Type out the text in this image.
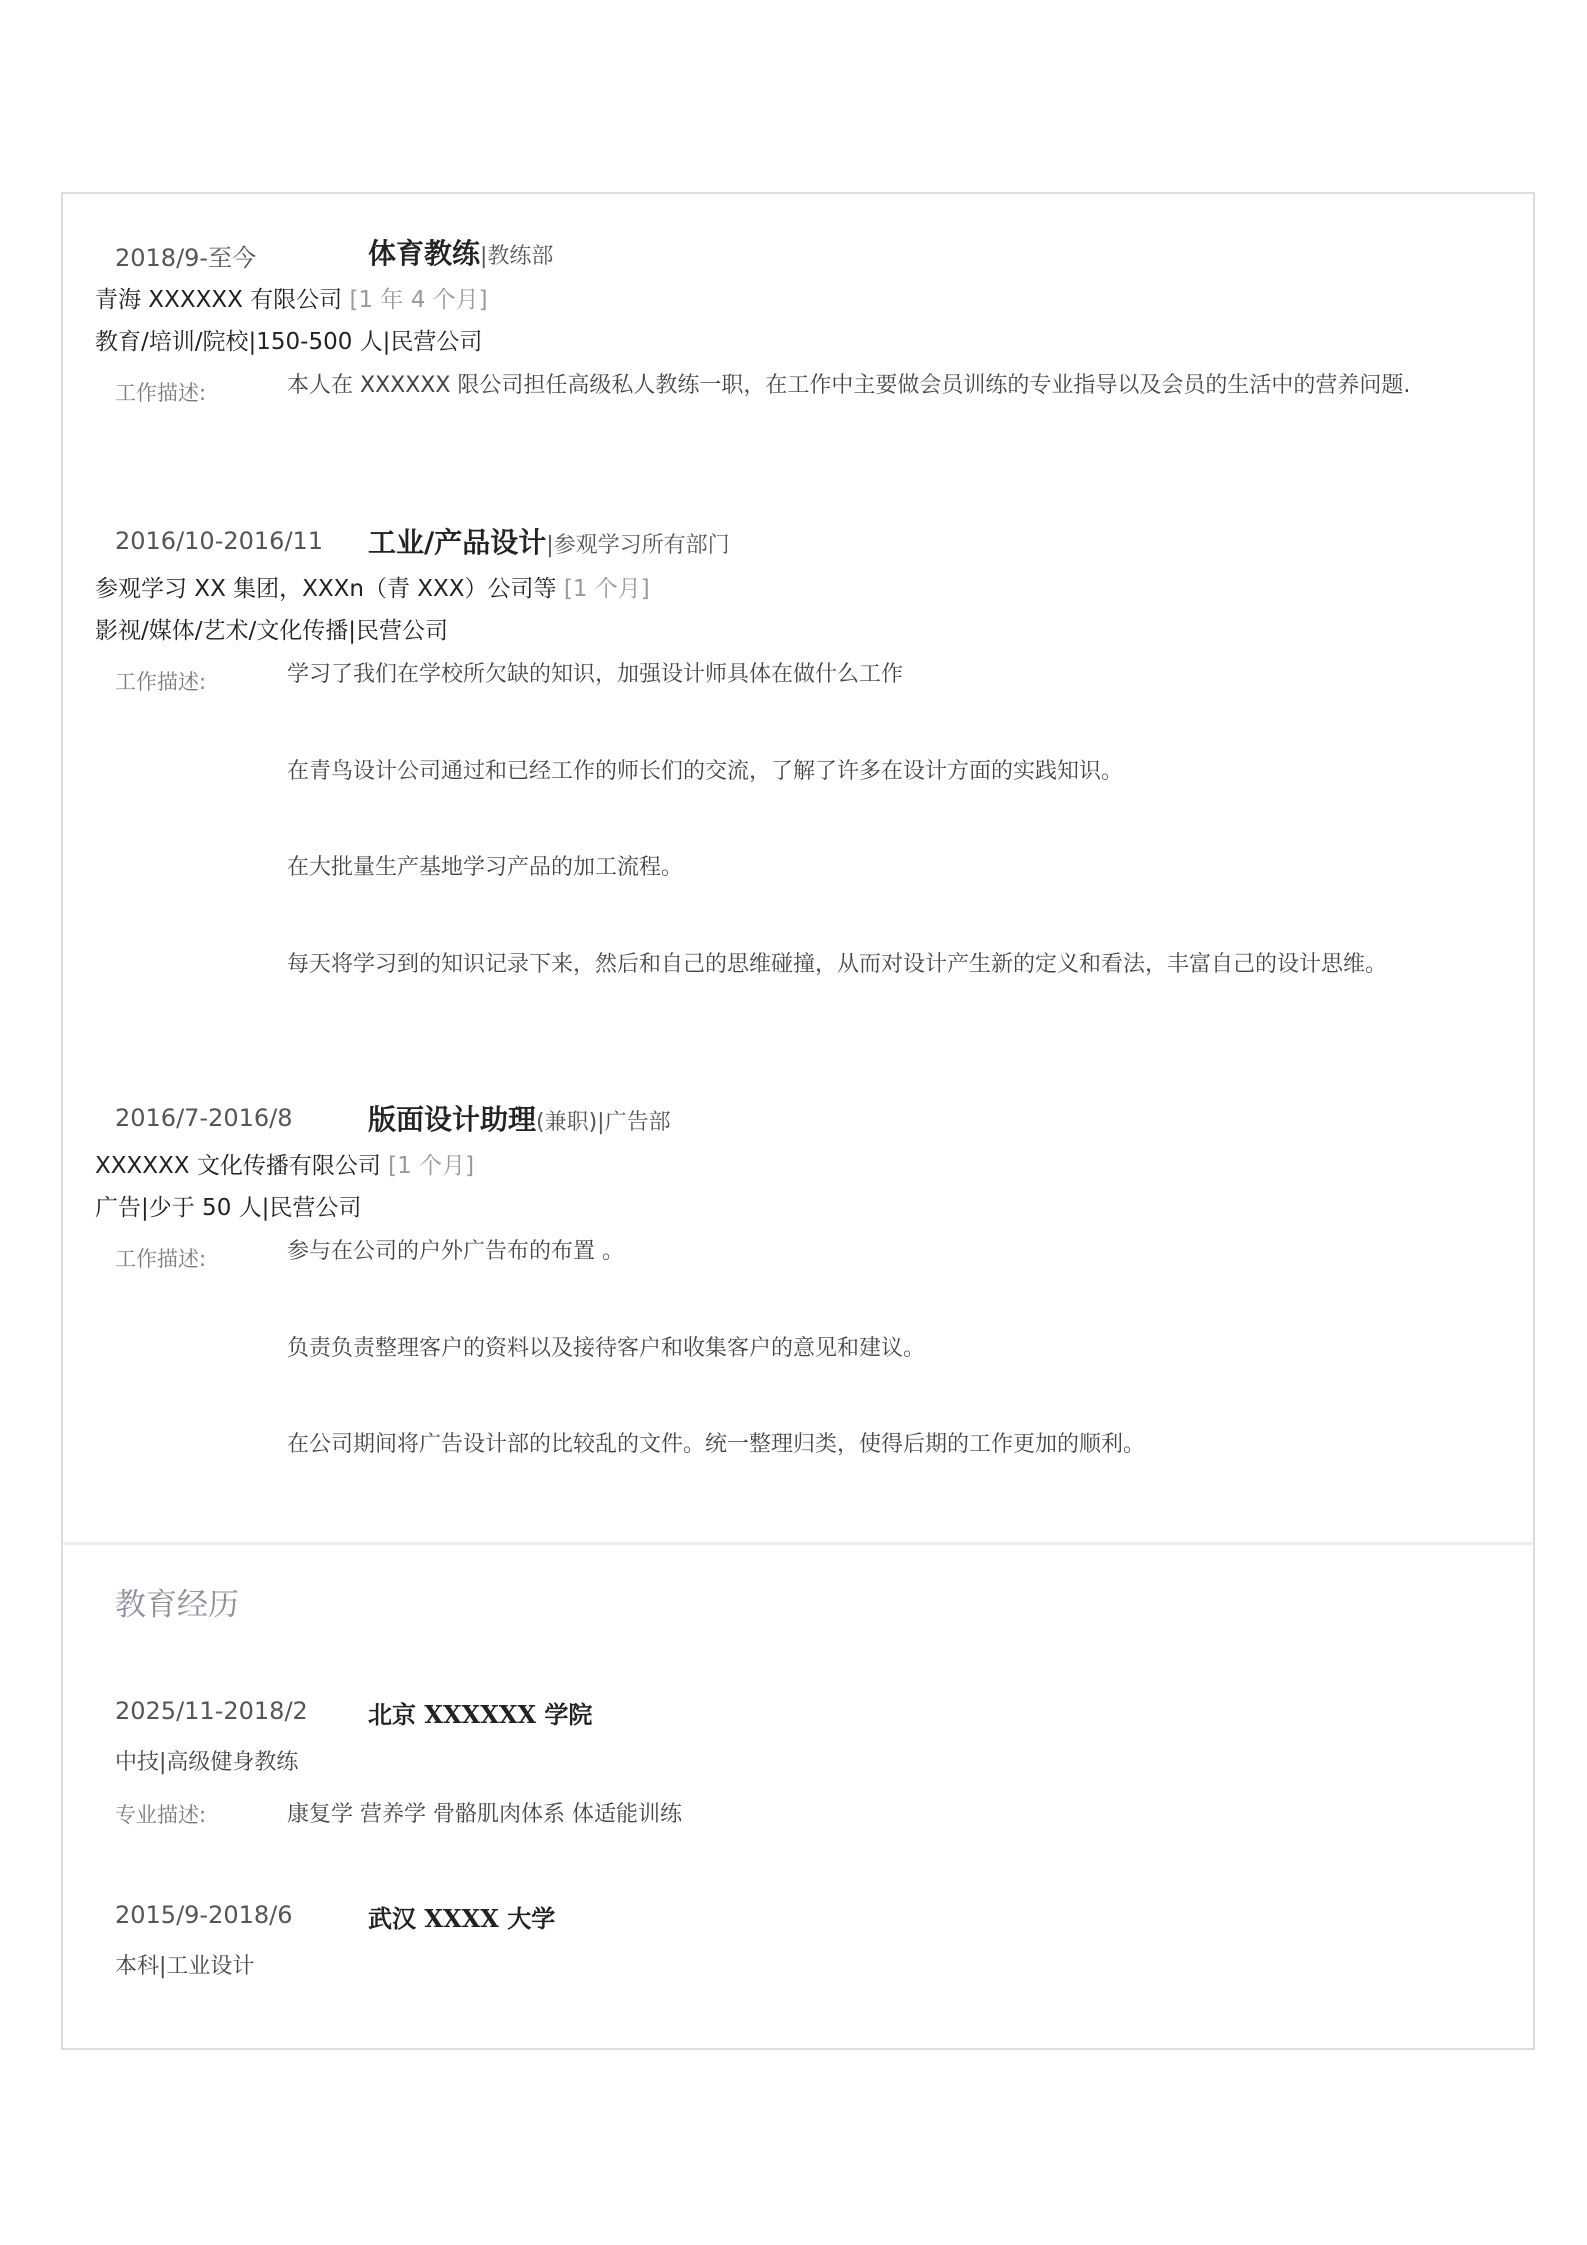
2018/9-至今	体育教练|教练部
青海 XXXXXX 有限公司 [1 年 4 个月]
教育/培训/院校|150-500 人|民营公司
工作描述:	本人在 XXXXXX 限公司担任高级私人教练一职，在工作中主要做会员训练的专业指导以及会员的生活中的营养问题.
2016/10-2016/11 工业/产品设计|参观学习所有部门
参观学习 XX 集团，XXXn（青 XXX）公司等 [1 个月]
影视/媒体/艺术/文化传播|民营公司
工作描述:	学习了我们在学校所欠缺的知识，加强设计师具体在做什么工作
在青鸟设计公司通过和已经工作的师长们的交流，了解了许多在设计方面的实践知识。
在大批量生产基地学习产品的加工流程。
每天将学习到的知识记录下来，然后和自己的思维碰撞，从而对设计产生新的定义和看法，丰富自己的设计思维。
2016/7-2016/8	版面设计助理(兼职)|广告部
XXXXXX 文化传播有限公司 [1 个月]
广告|少于 50 人|民营公司
工作描述:	参与在公司的户外广告布的布置 。
负责负责整理客户的资料以及接待客户和收集客户的意见和建议。
在公司期间将广告设计部的比较乱的文件。统一整理归类，使得后期的工作更加的顺利。
教育经历
2025/11-2018/2	北京 XXXXXX 学院
中技|高级健身教练
专业描述:	康复学 营养学 骨骼肌肉体系 体适能训练
2015/9-2018/6	武汉 XXXX 大学
本科|工业设计
